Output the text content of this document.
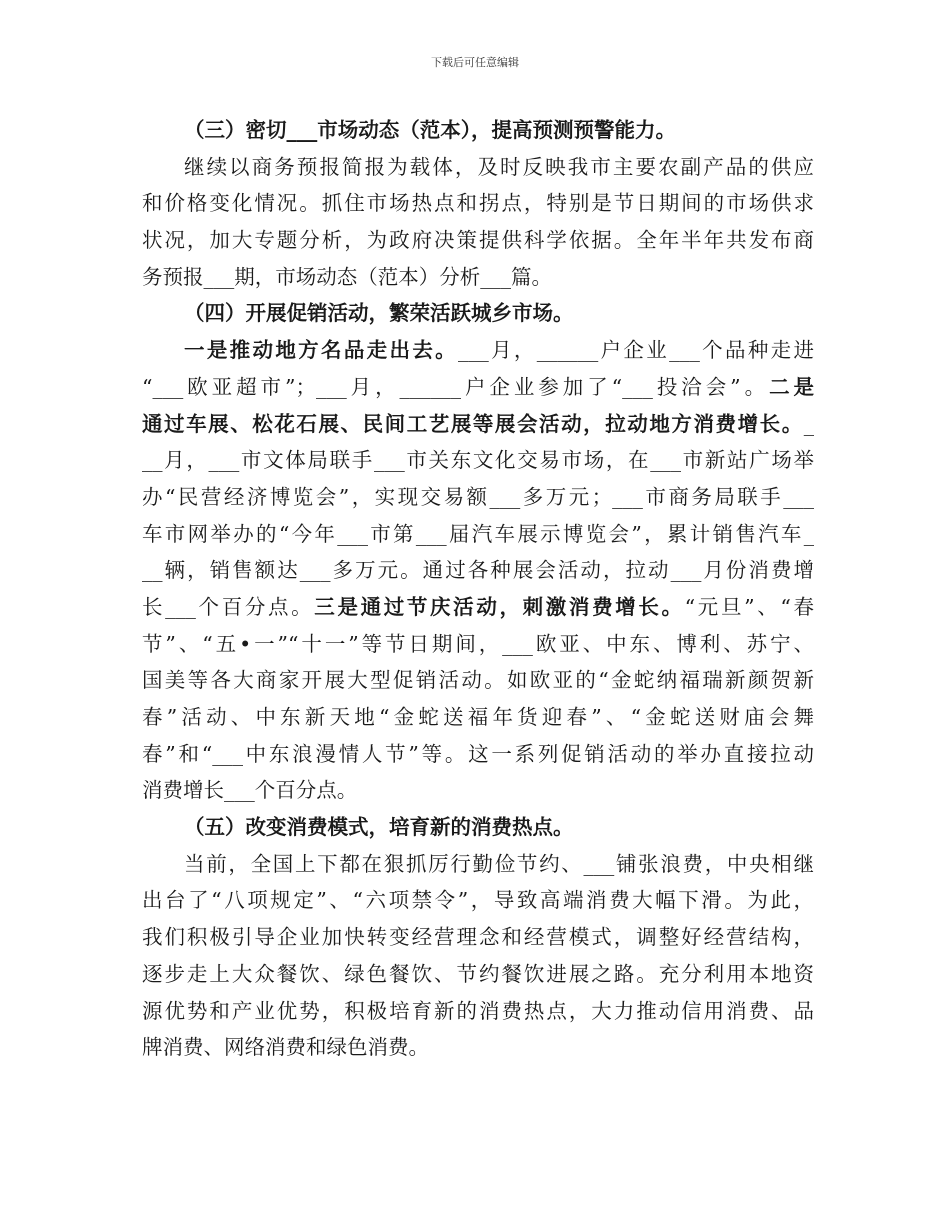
下载后可任意编辑
（三）密切___市场动态（范本），提高预测预警能力。
继续以商务预报简报为载体，及时反映我市主要农副产品的供应
和价格变化情况。抓住市场热点和拐点，特别是节日期间的市场供求
状况，加大专题分析，为政府决策提供科学依据。全年半年共发布商
务预报___期，市场动态（范本）分析___篇。
（四）开展促销活动，繁荣活跃城乡市场。
一是推动地方名品走出去。___月，______户企业___个品种走进
“___欧亚超市”；___月，______户企业参加了“___投洽会”。二是
通过车展、松花石展、民间工艺展等展会活动，拉动地方消费增长。_
__月，___市文体局联手___市关东文化交易市场，在___市新站广场举
办“民营经济博览会”，实现交易额___多万元；___市商务局联手___
车市网举办的“今年___市第___届汽车展示博览会”，累计销售汽车_
__辆，销售额达___多万元。通过各种展会活动，拉动___月份消费增
长___个百分点。三是通过节庆活动，刺激消费增长。“元旦”、“春
节”、“五•一”“十一”等节日期间，___欧亚、中东、博利、苏宁、
国美等各大商家开展大型促销活动。如欧亚的“金蛇纳福瑞新颜贺新
春”活动、中东新天地“金蛇送福年货迎春”、“金蛇送财庙会舞
春”和“___中东浪漫情人节”等。这一系列促销活动的举办直接拉动
消费增长___个百分点。
（五）改变消费模式，培育新的消费热点。
当前，全国上下都在狠抓厉行勤俭节约、___铺张浪费，中央相继
出台了“八项规定”、“六项禁令”，导致高端消费大幅下滑。为此，
我们积极引导企业加快转变经营理念和经营模式，调整好经营结构，
逐步走上大众餐饮、绿色餐饮、节约餐饮进展之路。充分利用本地资
源优势和产业优势，积极培育新的消费热点，大力推动信用消费、品
牌消费、网络消费和绿色消费。
